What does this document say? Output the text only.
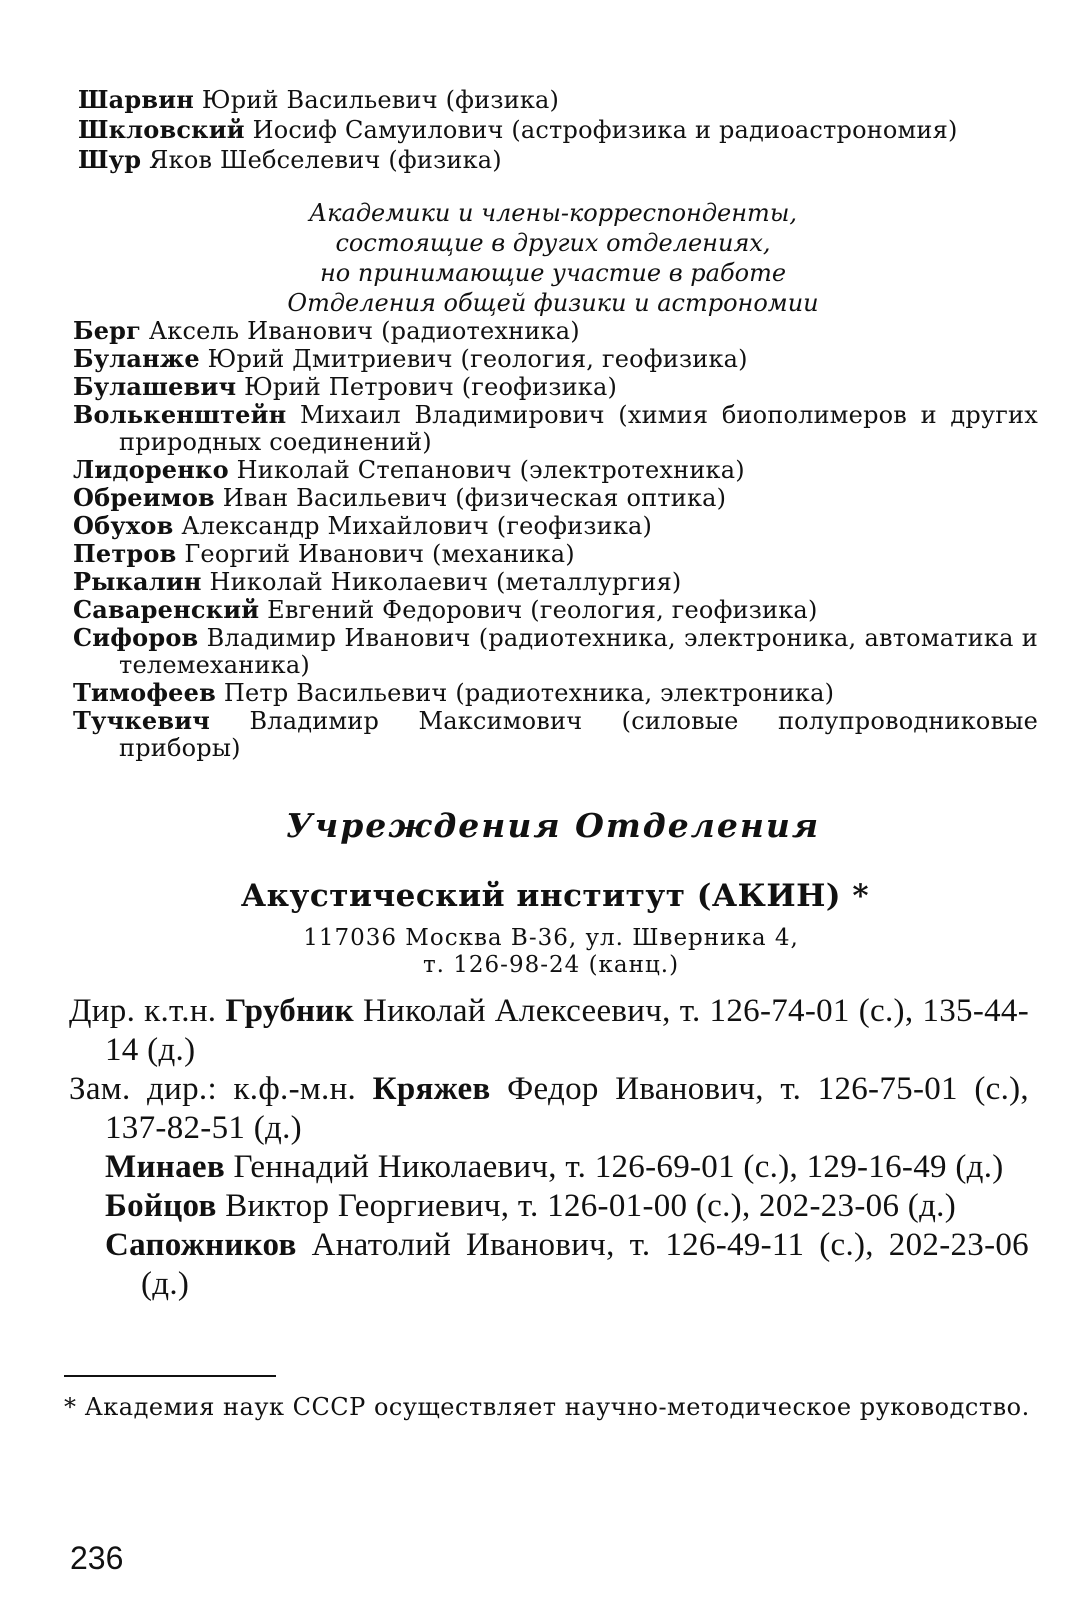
Шарвин Юрий Васильевич (физика)
Шкловский Иосиф Самуилович (астрофизика и радиоастрономия)
Шур Яков Шебселевич (физика)
Академики и члены-корреспонденты,
состоящие в других отделениях,
но принимающие участие в работе
Отделения общей физики и астрономии
Берг Аксель Иванович (радиотехника)
Буланже Юрий Дмитриевич (геология, геофизика)
Булашевич Юрий Петрович (геофизика)
Волькенштейн Михаил Владимирович (химия биополимеров и других природных соединений)
Лидоренко Николай Степанович (электротехника)
Обреимов Иван Васильевич (физическая оптика)
Обухов Александр Михайлович (геофизика)
Петров Георгий Иванович (механика)
Рыкалин Николай Николаевич (металлургия)
Саваренский Евгений Федорович (геология, геофизика)
Сифоров Владимир Иванович (радиотехника, электроника, автоматика и телемеханика)
Тимофеев Петр Васильевич (радиотехника, электроника)
Тучкевич Владимир Максимович (силовые полупроводниковые приборы)
Учреждения Отделения
Акустический институт (АКИН) *
117036 Москва В-36, ул. Шверника 4,
т. 126-98-24 (канц.)
Дир. к.т.н. Грубник Николай Алексеевич, т. 126-74-01 (с.), 135-44-14 (д.)
Зам. дир.: к.ф.-м.н. Кряжев Федор Иванович, т. 126-75-01 (с.), 137-82-51 (д.)
Минаев Геннадий Николаевич, т. 126-69-01 (с.), 129-16-49 (д.)
Бойцов Виктор Георгиевич, т. 126-01-00 (с.), 202-23-06 (д.)
Сапожников Анатолий Иванович, т. 126-49-11 (с.), 202-23-06 (д.)
* Академия наук СССР осуществляет научно-методическое руководство.
236
